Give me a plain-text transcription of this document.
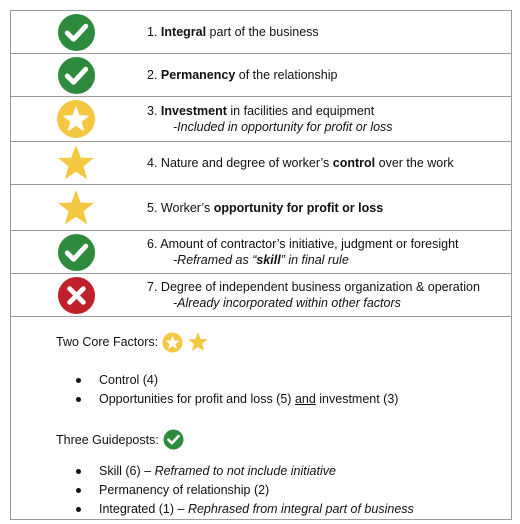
1. Integral part of the business
2. Permanency of the relationship
3. Investment in facilities and equipment
-Included in opportunity for profit or loss
4. Nature and degree of worker’s control over the work
5. Worker’s opportunity for profit or loss
6. Amount of contractor’s initiative, judgment or foresight
-Reframed as “skill” in final rule
7. Degree of independent business organization & operation
-Already incorporated within other factors
Two Core Factors:
Control (4)
Opportunities for profit and loss (5) and investment (3)
Three Guideposts:
Skill (6) – Reframed to not include initiative
Permanency of relationship (2)
Integrated (1) – Rephrased from integral part of business
